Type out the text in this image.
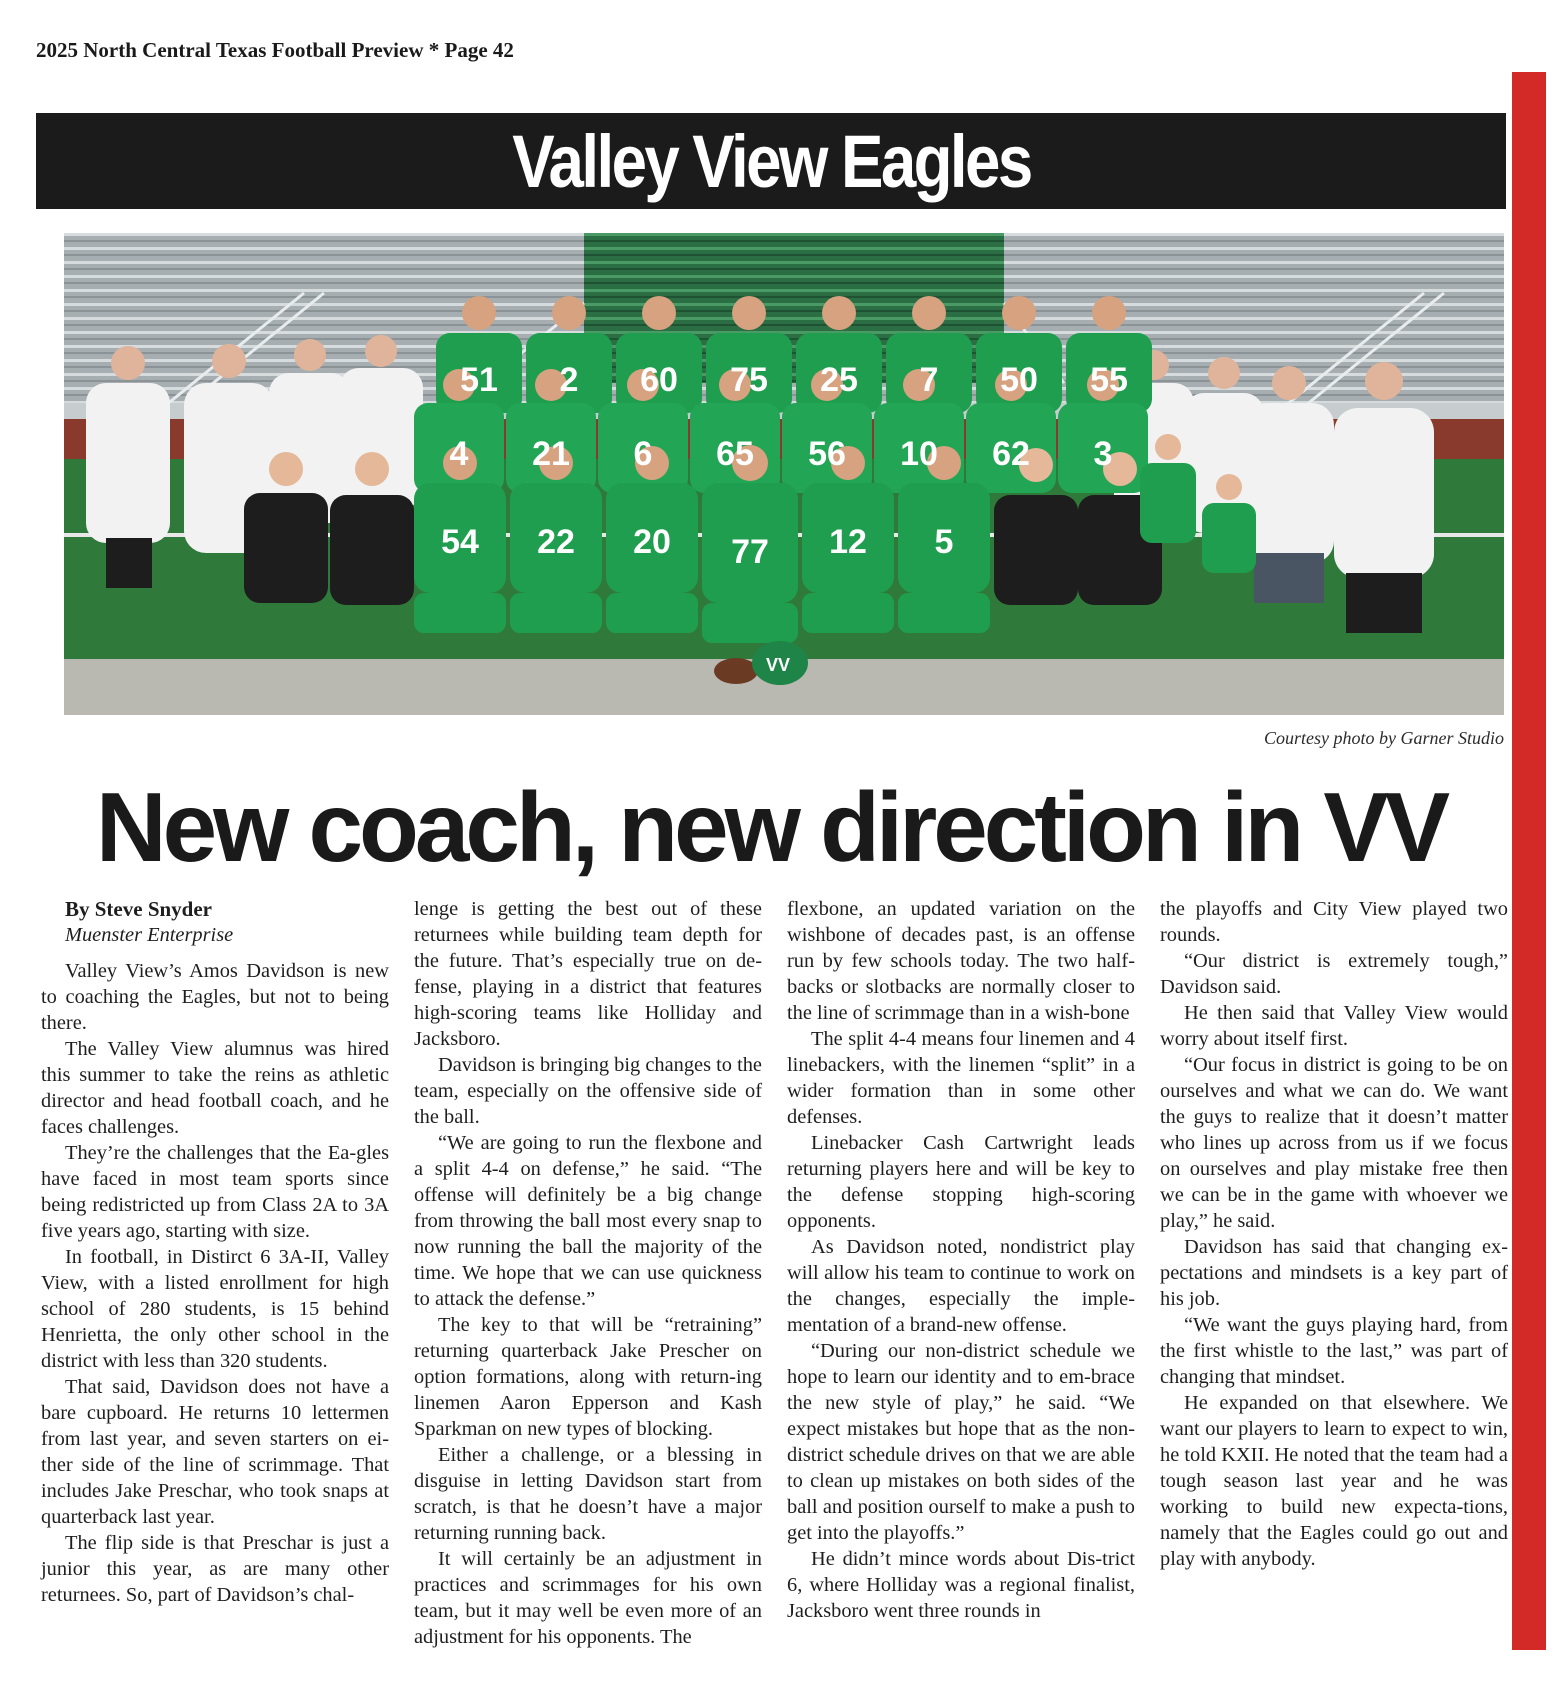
2025 North Central Texas Football Preview * Page 42
Valley View Eagles
VV
51 2 60 75 25 7 50 55
4 21 6 65 56 10 62 3
54 22 20 77 12 5
Courtesy photo by Garner Studio
New coach, new direction in VV

By Steve Snyder

Muenster Enterprise

Valley View’s Amos Davidson is new to coaching the Eagles, but not to being there.

The Valley View alumnus was hired this summer to take the reins as athletic director and head football coach, and he faces challenges.

They’re the challenges that the Ea-gles have faced in most team sports since being redistricted up from Class 2A to 3A five years ago, starting with size.

In football, in Distirct 6 3A-II, Valley View, with a listed enrollment for high school of 280 students, is 15 behind Henrietta, the only other school in the district with less than 320 students.

That said, Davidson does not have a bare cupboard. He returns 10 lettermen from last year, and seven starters on ei-ther side of the line of scrimmage. That includes Jake Preschar, who took snaps at quarterback last year.

The flip side is that Preschar is just a junior this year, as are many other returnees. So, part of Davidson’s chal-

lenge is getting the best out of these returnees while building team depth for the future. That’s especially true on de-fense, playing in a district that features high-scoring teams like Holliday and Jacksboro.

Davidson is bringing big changes to the team, especially on the offensive side of the ball.

“We are going to run the flexbone and a split 4-4 on defense,” he said. “The offense will definitely be a big change from throwing the ball most every snap to now running the ball the majority of the time. We hope that we can use quickness to attack the defense.”

The key to that will be “retraining” returning quarterback Jake Prescher on option formations, along with return-ing linemen Aaron Epperson and Kash Sparkman on new types of blocking.

Either a challenge, or a blessing in disguise in letting Davidson start from scratch, is that he doesn’t have a major returning running back.

It will certainly be an adjustment in practices and scrimmages for his own team, but it may well be even more of an adjustment for his opponents. The

flexbone, an updated variation on the wishbone of decades past, is an offense run by few schools today. The two half-backs or slotbacks are normally closer to the line of scrimmage than in a wish-bone

The split 4-4 means four linemen and 4 linebackers, with the linemen “split” in a wider formation than in some other defenses.

Linebacker Cash Cartwright leads returning players here and will be key to the defense stopping high-scoring opponents.

As Davidson noted, nondistrict play will allow his team to continue to work on the changes, especially the imple-mentation of a brand-new offense.

“During our non-district schedule we hope to learn our identity and to em-brace the new style of play,” he said. “We expect mistakes but hope that as the non-district schedule drives on that we are able to clean up mistakes on both sides of the ball and position ourself to make a push to get into the playoffs.”

He didn’t mince words about Dis-trict 6, where Holliday was a regional finalist, Jacksboro went three rounds in

the playoffs and City View played two rounds.

“Our district is extremely tough,” Davidson said.

He then said that Valley View would worry about itself first.

“Our focus in district is going to be on ourselves and what we can do. We want the guys to realize that it doesn’t matter who lines up across from us if we focus on ourselves and play mistake free then we can be in the game with whoever we play,” he said.

Davidson has said that changing ex-pectations and mindsets is a key part of his job.

“We want the guys playing hard, from the first whistle to the last,” was part of changing that mindset.

He expanded on that elsewhere. We want our players to learn to expect to win, he told KXII. He noted that the team had a tough season last year and he was working to build new expecta-tions, namely that the Eagles could go out and play with anybody.
